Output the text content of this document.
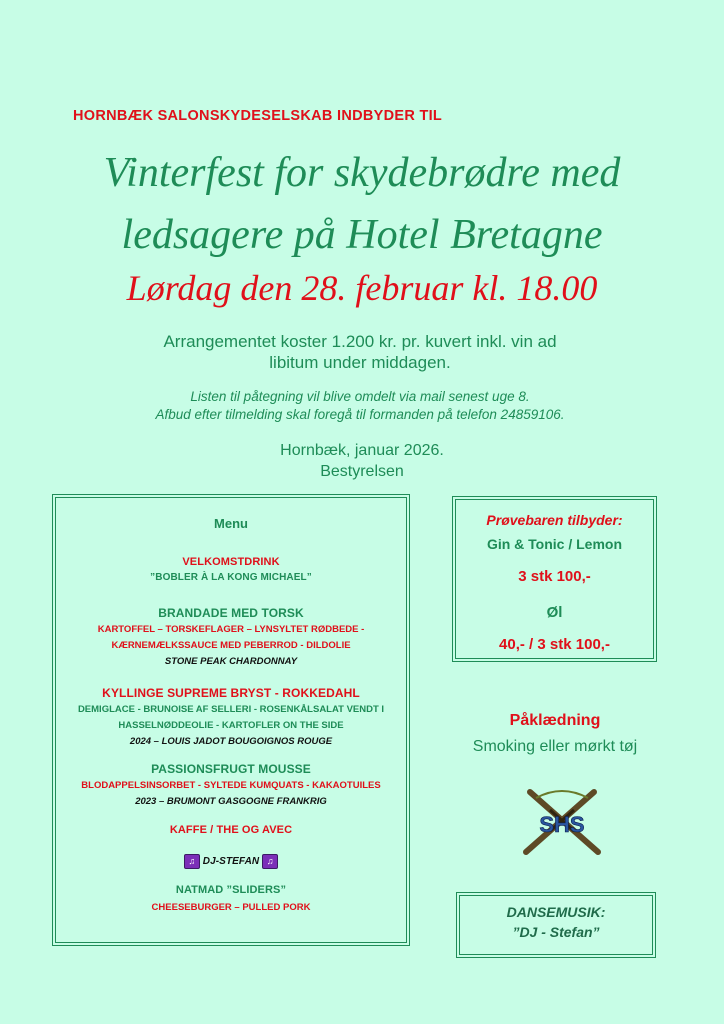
HORNBÆK SALONSKYDESELSKAB INDBYDER TIL
Vinterfest for skydebrødre med
ledsagere på Hotel Bretagne
Lørdag den 28. februar kl. 18.00
Arrangementet koster 1.200 kr. pr. kuvert inkl. vin ad
libitum under middagen.
Listen til påtegning vil blive omdelt via mail senest uge 8.
Afbud efter tilmelding skal foregå til formanden på telefon 24859106.
Hornbæk, januar 2026.
Bestyrelsen
Menu
VELKOMSTDRINK
”BOBLER À LA KONG MICHAEL”
BRANDADE MED TORSK
KARTOFFEL – TORSKEFLAGER – LYNSYLTET RØDBEDE -
KÆRNEMÆLKSSAUCE MED PEBERROD - DILDOLIE
STONE PEAK CHARDONNAY
KYLLINGE SUPREME BRYST - ROKKEDAHL
DEMIGLACE - BRUNOISE AF SELLERI - ROSENKÅLSALAT VENDT I
HASSELNØDDEOLIE - KARTOFLER ON THE SIDE
2024 – LOUIS JADOT BOUGOIGNOS ROUGE
PASSIONSFRUGT MOUSSE
BLODAPPELSINSORBET - SYLTEDE KUMQUATS - KAKAOTUILES
2023 – BRUMONT GASGOGNE FRANKRIG
KAFFE / THE OG AVEC
♫ DJ-STEFAN ♫
NATMAD ”SLIDERS”
CHEESEBURGER – PULLED PORK
Prøvebaren tilbyder:
Gin & Tonic / Lemon
3 stk 100,-
Øl
40,- / 3 stk 100,-
Påklædning
Smoking eller mørkt tøj
SHS
DANSEMUSIK:
”DJ - Stefan”
